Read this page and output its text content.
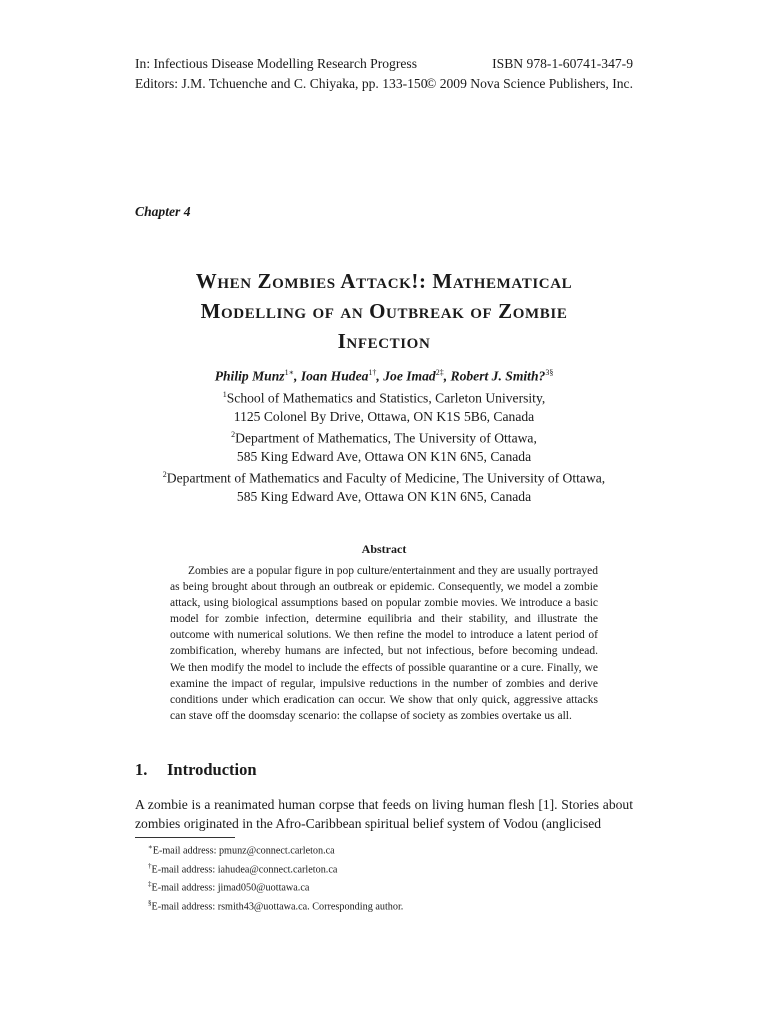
In: Infectious Disease Modelling Research Progress	ISBN 978-1-60741-347-9
Editors: J.M. Tchuenche and C. Chiyaka, pp. 133-150
© 2009 Nova Science Publishers, Inc.
Chapter 4
When Zombies Attack!: Mathematical
Modelling of an Outbreak of Zombie
Infection
Philip Munz$^{1∗}$, Ioan Hudea$^{1\dagger}$, Joe Imad$^{2\ddagger}$, Robert J. Smith?$^{3\S}$
$^1$School of Mathematics and Statistics, Carleton University,
1125 Colonel By Drive, Ottawa, ON K1S 5B6, Canada
$^2$Department of Mathematics, The University of Ottawa,
585 King Edward Ave, Ottawa ON K1N 6N5, Canada
$^2$Department of Mathematics and Faculty of Medicine, The University of Ottawa,
585 King Edward Ave, Ottawa ON K1N 6N5, Canada
Abstract
Zombies are a popular figure in pop culture/entertainment and they are usually portrayed as being brought about through an outbreak or epidemic. Consequently, we model a zombie attack, using biological assumptions based on popular zombie movies. We introduce a basic model for zombie infection, determine equilibria and their stability, and illustrate the outcome with numerical solutions. We then refine the model to introduce a latent period of zombification, whereby humans are infected, but not infectious, before becoming undead. We then modify the model to include the effects of possible quarantine or a cure. Finally, we examine the impact of regular, impulsive reductions in the number of zombies and derive conditions under which eradication can occur. We show that only quick, aggressive attacks can stave off the doomsday scenario: the collapse of society as zombies overtake us all.
1. Introduction
A zombie is a reanimated human corpse that feeds on living human flesh [1]. Stories about zombies originated in the Afro-Caribbean spiritual belief system of Vodou (anglicised
∗E-mail address: pmunz@connect.carleton.ca
†E-mail address: iahudea@connect.carleton.ca
‡E-mail address: jimad050@uottawa.ca
§E-mail address: rsmith43@uottawa.ca. Corresponding author.
